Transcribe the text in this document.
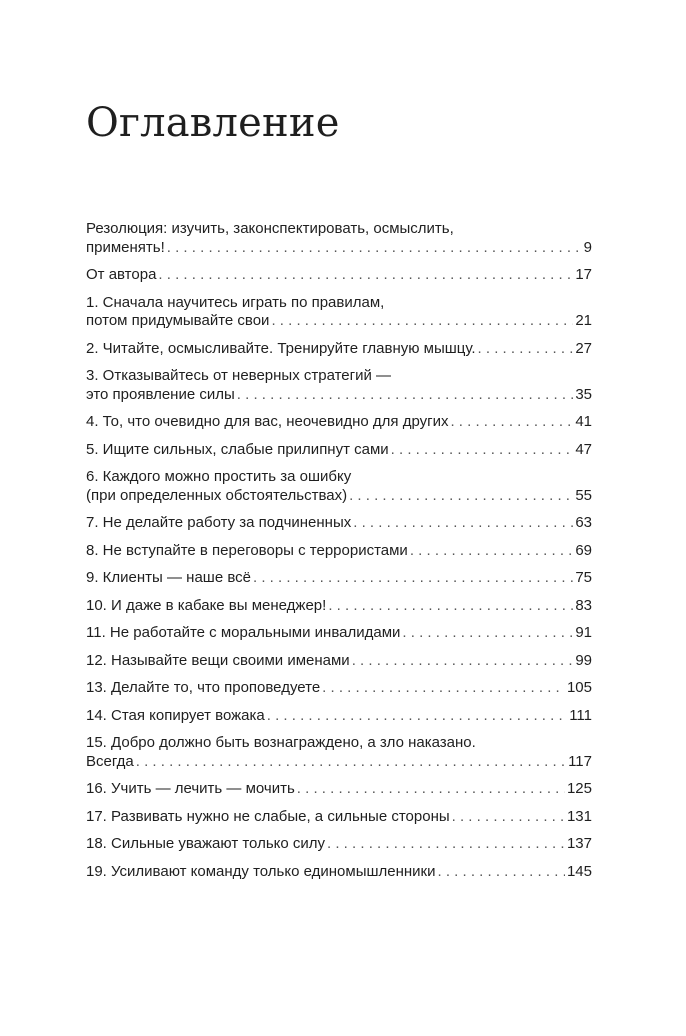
Оглавление
Резолюция: изучить, законспектировать, осмыслить,
применять! . . .	9
От автора . . .	17
1. Сначала научитесь играть по правилам,
потом придумывайте свои . . .	21
2. Читайте, осмысливайте. Тренируйте главную мышцу. . . .	27
3. Отказывайтесь от неверных стратегий —
это проявление силы . . .	35
4. То, что очевидно для вас, неочевидно для других . . .	41
5. Ищите сильных, слабые прилипнут сами . . .	47
6. Каждого можно простить за ошибку
(при определенных обстоятельствах) . . .	55
7. Не делайте работу за подчиненных . . .	63
8. Не вступайте в переговоры с террористами . . .	69
9. Клиенты — наше всё . . .	75
10. И даже в кабаке вы менеджер! . . .	83
11. Не работайте с моральными инвалидами . . .	91
12. Называйте вещи своими именами . . .	99
13. Делайте то, что проповедуете . . .	105
14. Стая копирует вожака . . .	111
15. Добро должно быть вознаграждено, а зло наказано.
Всегда . . .	117
16. Учить — лечить — мочить . . .	125
17. Развивать нужно не слабые, а сильные стороны . . .	131
18. Сильные уважают только силу . . .	137
19. Усиливают команду только единомышленники . . .	145
